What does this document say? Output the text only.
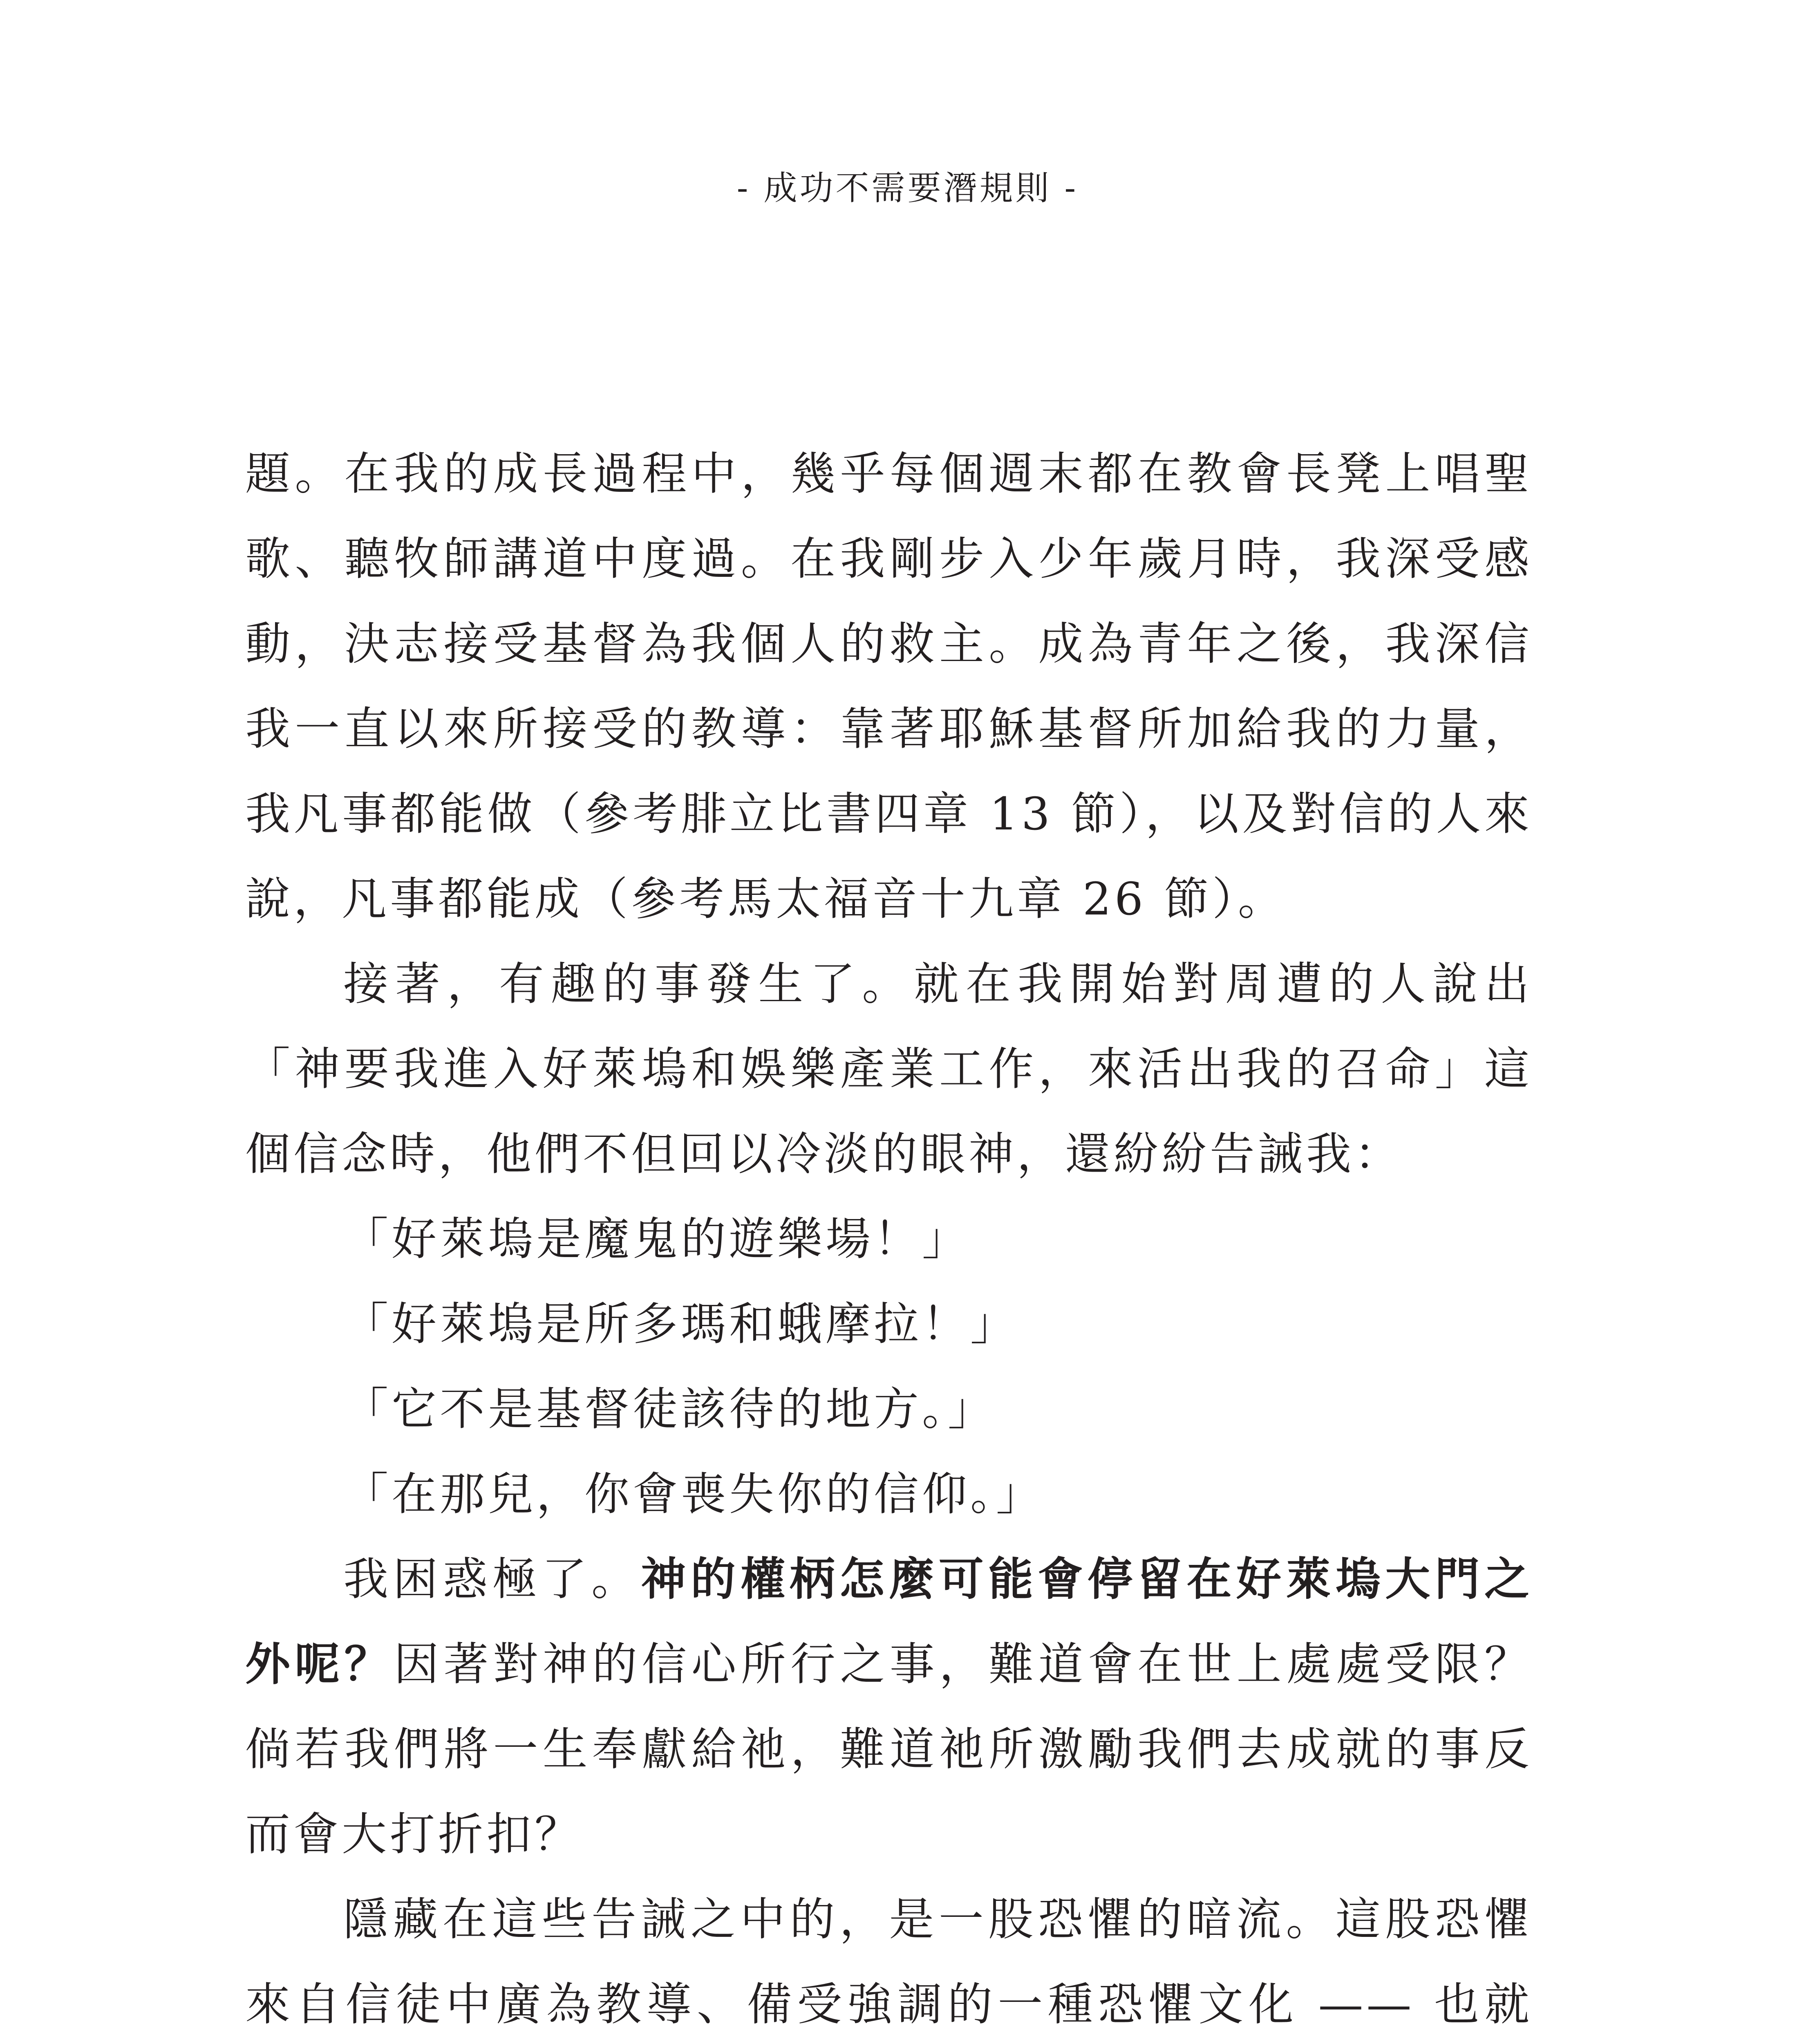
- 成功不需要潛規則 -

題。在我的成長過程中，幾乎每個週末都在教會長凳上唱聖歌、聽牧師講道中度過。在我剛步入少年歲月時，我深受感動，決志接受基督為我個人的救主。成為青年之後，我深信我一直以來所接受的教導：靠著耶穌基督所加給我的力量，我凡事都能做（參考腓立比書四章 13 節），以及對信的人來說，凡事都能成（參考馬太福音十九章 26 節）。

接著，有趣的事發生了。就在我開始對周遭的人說出「神要我進入好萊塢和娛樂產業工作，來活出我的召命」這個信念時，他們不但回以冷淡的眼神，還紛紛告誡我：

「好萊塢是魔鬼的遊樂場！」

「好萊塢是所多瑪和蛾摩拉！」

「它不是基督徒該待的地方。」

「在那兒，你會喪失你的信仰。」

我困惑極了。神的權柄怎麼可能會停留在好萊塢大門之外呢？因著對神的信心所行之事，難道會在世上處處受限？倘若我們將一生奉獻給祂，難道祂所激勵我們去成就的事反而會大打折扣？

隱藏在這些告誡之中的，是一股恐懼的暗流。這股恐懼來自信徒中廣為教導、備受強調的一種恐懼文化 —— 也就
